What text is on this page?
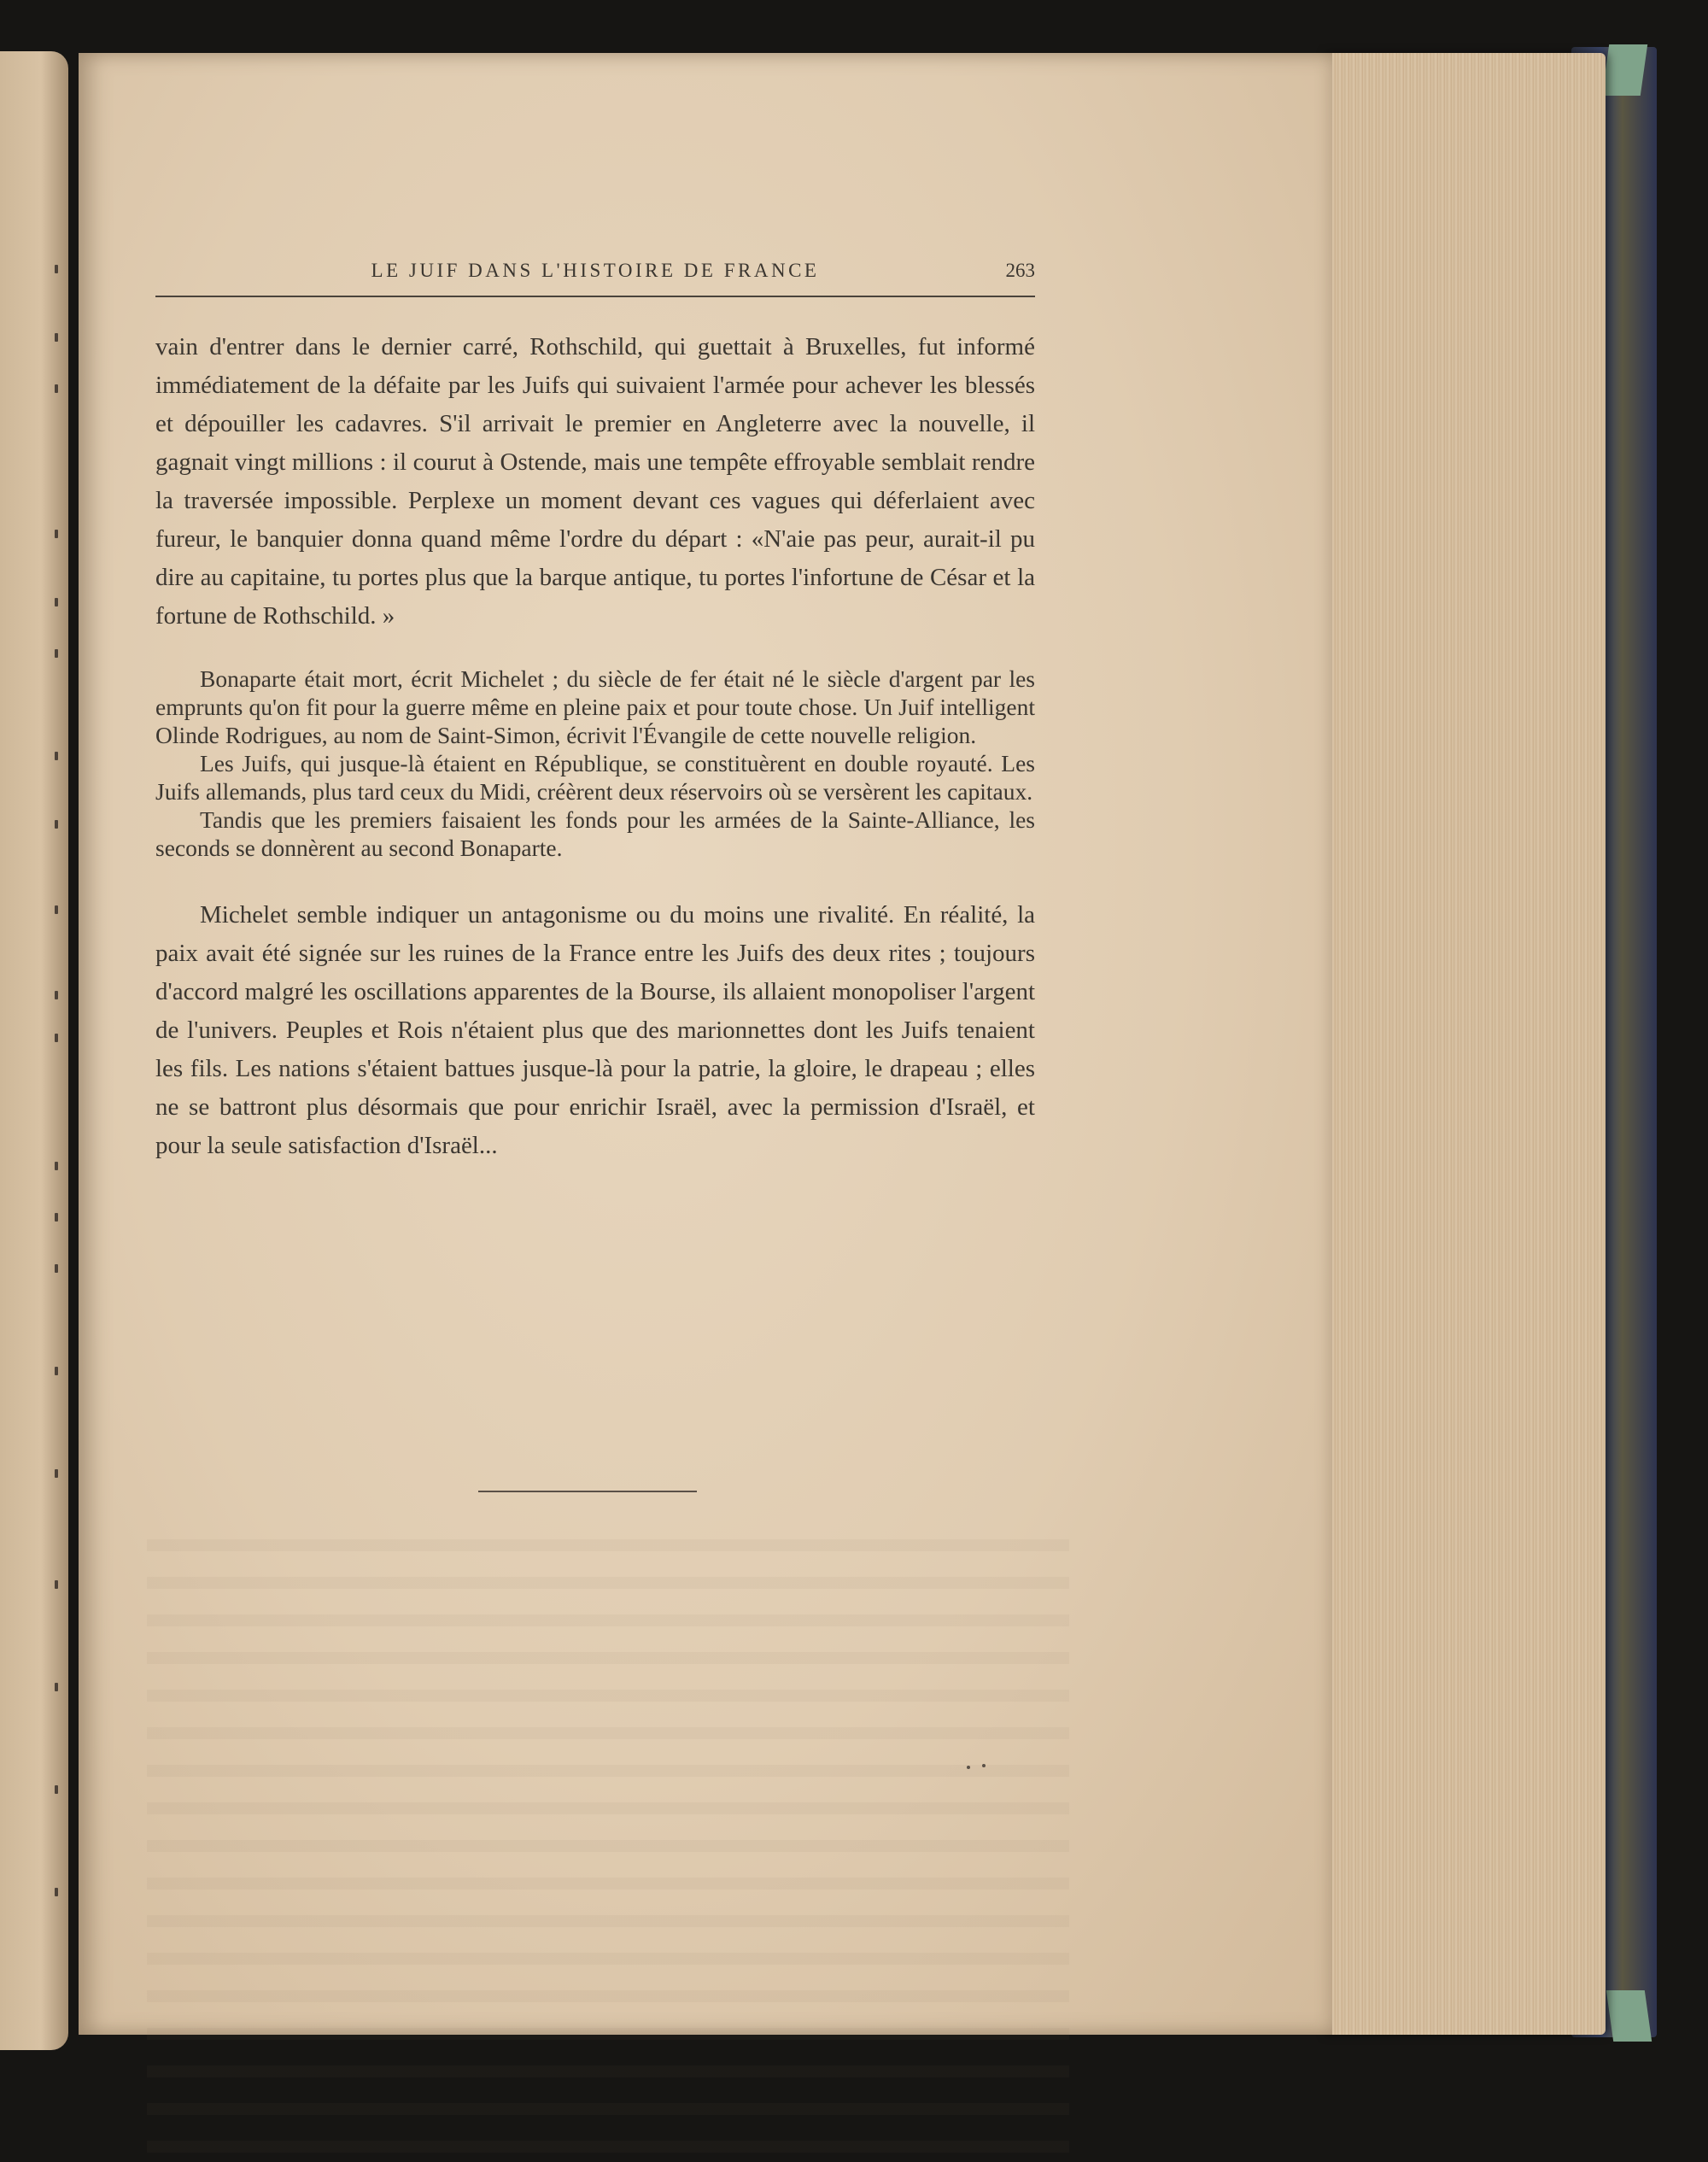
LE JUIF DANS L'HISTOIRE DE FRANCE	263

vain d'entrer dans le dernier carré, Rothschild, qui guettait à Bruxelles, fut informé immédiatement de la défaite par les Juifs qui suivaient l'armée pour achever les blessés et dépouiller les cadavres. S'il arrivait le premier en Angleterre avec la nouvelle, il gagnait vingt millions : il courut à Ostende, mais une tempête effroyable semblait rendre la traversée impossible. Perplexe un moment devant ces vagues qui déferlaient avec fureur, le banquier donna quand même l'ordre du départ : «N'aie pas peur, aurait-il pu dire au capitaine, tu portes plus que la barque antique, tu portes l'infortune de César et la fortune de Rothschild. »

Bonaparte était mort, écrit Michelet ; du siècle de fer était né le siècle d'argent par les emprunts qu'on fit pour la guerre même en pleine paix et pour toute chose. Un Juif intelligent Olinde Rodrigues, au nom de Saint-Simon, écrivit l'Évangile de cette nouvelle religion.

Les Juifs, qui jusque-là étaient en République, se constituèrent en double royauté. Les Juifs allemands, plus tard ceux du Midi, créèrent deux réservoirs où se versèrent les capitaux.

Tandis que les premiers faisaient les fonds pour les armées de la Sainte-Alliance, les seconds se donnèrent au second Bonaparte.

Michelet semble indiquer un antagonisme ou du moins une rivalité. En réalité, la paix avait été signée sur les ruines de la France entre les Juifs des deux rites ; toujours d'accord malgré les oscillations apparentes de la Bourse, ils allaient monopoliser l'argent de l'univers. Peuples et Rois n'étaient plus que des marionnettes dont les Juifs tenaient les fils. Les nations s'étaient battues jusque-là pour la patrie, la gloire, le drapeau ; elles ne se battront plus désormais que pour enrichir Israël, avec la permission d'Israël, et pour la seule satisfaction d'Israël...
